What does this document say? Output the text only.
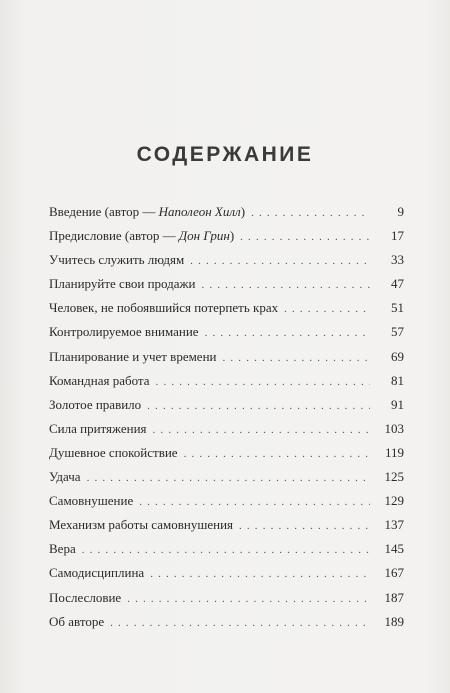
СОДЕРЖАНИЕ
Введение (автор — Наполеон Хилл) . . .	9
Предисловие (автор — Дон Грин) . . .	17
Учитесь служить людям . . .	33
Планируйте свои продажи . . .	47
Человек, не побоявшийся потерпеть крах . . .	51
Контролируемое внимание . . .	57
Планирование и учет времени . . .	69
Командная работа . . .	81
Золотое правило . . .	91
Сила притяжения . . .	103
Душевное спокойствие . . .	119
Удача . . .	125
Самовнушение . . .	129
Механизм работы самовнушения . . .	137
Вера . . .	145
Самодисциплина . . .	167
Послесловие . . .	187
Об авторе . . .	189
